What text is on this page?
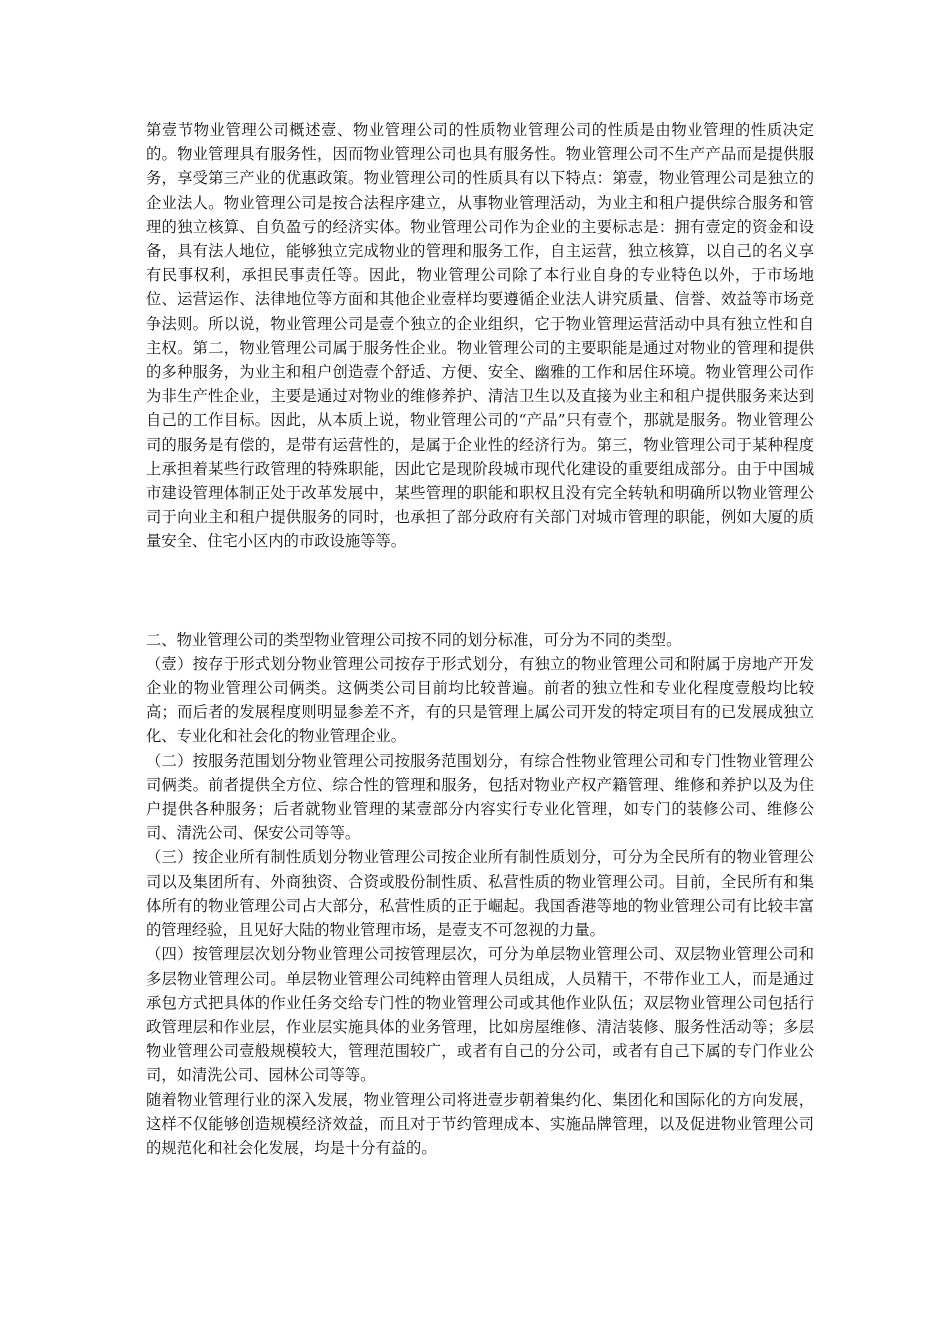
第壹节物业管理公司概述壹、物业管理公司的性质物业管理公司的性质是由物业管理的性质决定的。物业管理具有服务性，因而物业管理公司也具有服务性。物业管理公司不生产产品而是提供服务，享受第三产业的优惠政策。物业管理公司的性质具有以下特点：第壹，物业管理公司是独立的企业法人。物业管理公司是按合法程序建立，从事物业管理活动，为业主和租户提供综合服务和管理的独立核算、自负盈亏的经济实体。物业管理公司作为企业的主要标志是：拥有壹定的资金和设备，具有法人地位，能够独立完成物业的管理和服务工作，自主运营，独立核算，以自己的名义享有民事权利，承担民事责任等。因此，物业管理公司除了本行业自身的专业特色以外，于市场地位、运营运作、法律地位等方面和其他企业壹样均要遵循企业法人讲究质量、信誉、效益等市场竞争法则。所以说，物业管理公司是壹个独立的企业组织，它于物业管理运营活动中具有独立性和自主权。第二，物业管理公司属于服务性企业。物业管理公司的主要职能是通过对物业的管理和提供的多种服务，为业主和租户创造壹个舒适、方便、安全、幽雅的工作和居住环境。物业管理公司作为非生产性企业，主要是通过对物业的维修养护、清洁卫生以及直接为业主和租户提供服务来达到自己的工作目标。因此，从本质上说，物业管理公司的“产品”只有壹个，那就是服务。物业管理公司的服务是有偿的，是带有运营性的，是属于企业性的经济行为。第三，物业管理公司于某种程度上承担着某些行政管理的特殊职能，因此它是现阶段城市现代化建设的重要组成部分。由于中国城市建设管理体制正处于改革发展中，某些管理的职能和职权且没有完全转轨和明确所以物业管理公司于向业主和租户提供服务的同时，也承担了部分政府有关部门对城市管理的职能，例如大厦的质量安全、住宅小区内的市政设施等等。

二、物业管理公司的类型物业管理公司按不同的划分标准，可分为不同的类型。

（壹）按存于形式划分物业管理公司按存于形式划分，有独立的物业管理公司和附属于房地产开发企业的物业管理公司俩类。这俩类公司目前均比较普遍。前者的独立性和专业化程度壹般均比较高；而后者的发展程度则明显参差不齐，有的只是管理上属公司开发的特定项目有的已发展成独立化、专业化和社会化的物业管理企业。

（二）按服务范围划分物业管理公司按服务范围划分，有综合性物业管理公司和专门性物业管理公司俩类。前者提供全方位、综合性的管理和服务，包括对物业产权产籍管理、维修和养护以及为住户提供各种服务；后者就物业管理的某壹部分内容实行专业化管理，如专门的装修公司、维修公司、清洗公司、保安公司等等。

（三）按企业所有制性质划分物业管理公司按企业所有制性质划分，可分为全民所有的物业管理公司以及集团所有、外商独资、合资或股份制性质、私营性质的物业管理公司。目前，全民所有和集体所有的物业管理公司占大部分，私营性质的正于崛起。我国香港等地的物业管理公司有比较丰富的管理经验，且见好大陆的物业管理市场，是壹支不可忽视的力量。

（四）按管理层次划分物业管理公司按管理层次，可分为单层物业管理公司、双层物业管理公司和多层物业管理公司。单层物业管理公司纯粹由管理人员组成，人员精干，不带作业工人，而是通过承包方式把具体的作业任务交给专门性的物业管理公司或其他作业队伍；双层物业管理公司包括行政管理层和作业层，作业层实施具体的业务管理，比如房屋维修、清洁装修、服务性活动等；多层物业管理公司壹般规模较大，管理范围较广，或者有自己的分公司，或者有自己下属的专门作业公司，如清洗公司、园林公司等等。

随着物业管理行业的深入发展，物业管理公司将进壹步朝着集约化、集团化和国际化的方向发展，这样不仅能够创造规模经济效益，而且对于节约管理成本、实施品牌管理，以及促进物业管理公司的规范化和社会化发展，均是十分有益的。
